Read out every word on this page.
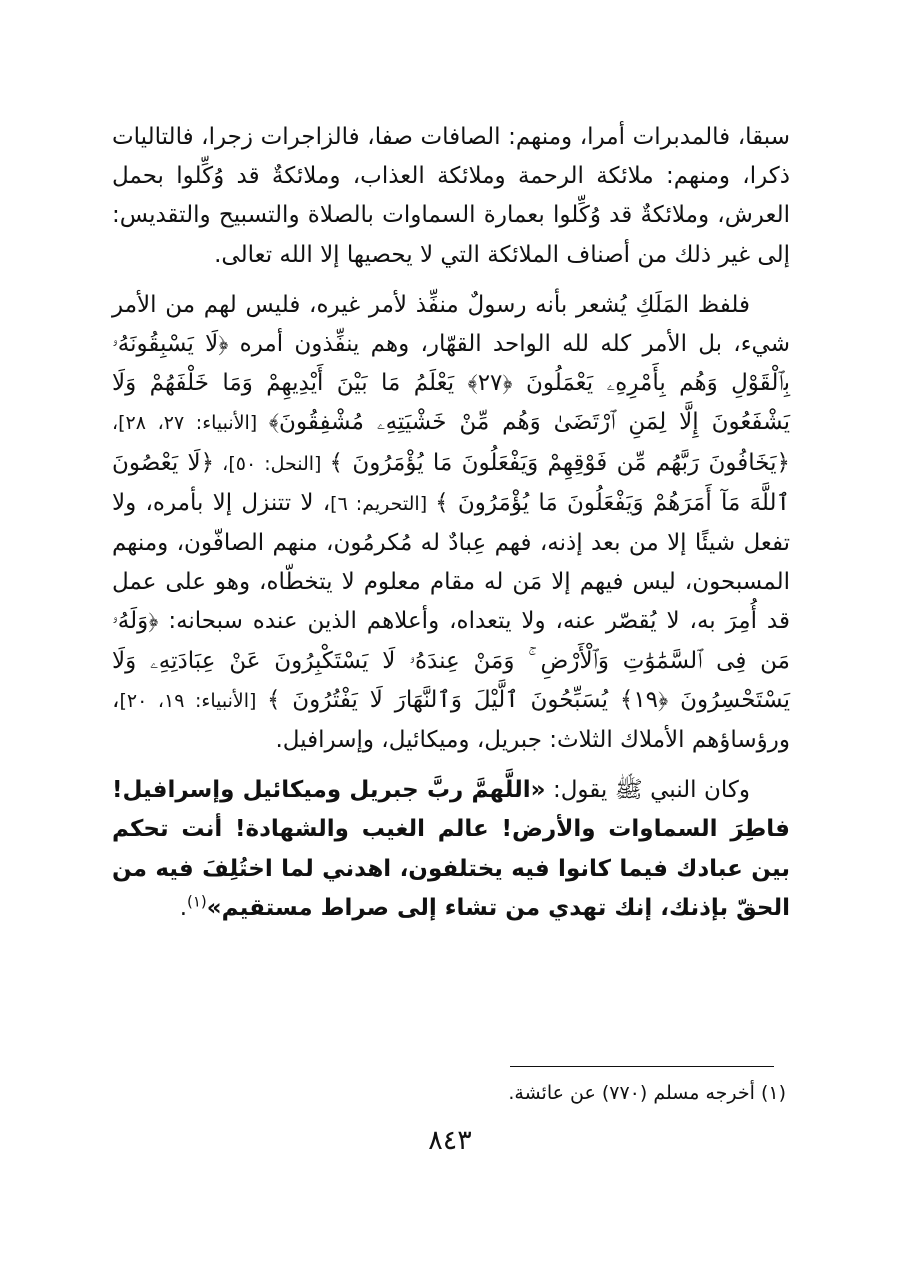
سبقا، فالمدبرات أمرا، ومنهم: الصافات صفا، فالزاجرات زجرا، فالتاليات ذكرا، ومنهم: ملائكة الرحمة وملائكة العذاب، وملائكةٌ قد وُكِّلوا بحمل العرش، وملائكةٌ قد وُكِّلوا بعمارة السماوات بالصلاة والتسبيح والتقديس: إلى غير ذلك من أصناف الملائكة التي لا يحصيها إلا الله تعالى.

فلفظ المَلَكِ يُشعر بأنه رسولٌ منفِّذ لأمر غيره، فليس لهم من الأمر شيء، بل الأمر كله لله الواحد القهّار، وهم ينفِّذون أمره ﴿لَا يَسْبِقُونَهُۥ بِٱلْقَوْلِ وَهُم بِأَمْرِهِۦ يَعْمَلُونَ ﴿٢٧﴾ يَعْلَمُ مَا بَيْنَ أَيْدِيهِمْ وَمَا خَلْفَهُمْ وَلَا يَشْفَعُونَ إِلَّا لِمَنِ ٱرْتَضَىٰ وَهُم مِّنْ خَشْيَتِهِۦ مُشْفِقُونَ﴾ [الأنبياء: ٢٧، ٢٨]، ﴿يَخَافُونَ رَبَّهُم مِّن فَوْقِهِمْ وَيَفْعَلُونَ مَا يُؤْمَرُونَ ﴾ [النحل: ٥٠]، ﴿لَا يَعْصُونَ ٱللَّهَ مَآ أَمَرَهُمْ وَيَفْعَلُونَ مَا يُؤْمَرُونَ ﴾ [التحريم: ٦]، لا تتنزل إلا بأمره، ولا تفعل شيئًا إلا من بعد إذنه، فهم عِبادٌ له مُكرمُون، منهم الصافّون، ومنهم المسبحون، ليس فيهم إلا مَن له مقام معلوم لا يتخطّاه، وهو على عمل قد أُمِرَ به، لا يُقصّر عنه، ولا يتعداه، وأعلاهم الذين عنده سبحانه: ﴿وَلَهُۥ مَن فِى ٱلسَّمَٰوَٰتِ وَٱلْأَرْضِ ۚ وَمَنْ عِندَهُۥ لَا يَسْتَكْبِرُونَ عَنْ عِبَادَتِهِۦ وَلَا يَسْتَحْسِرُونَ ﴿١٩﴾ يُسَبِّحُونَ ٱلَّيْلَ وَٱلنَّهَارَ لَا يَفْتُرُونَ ﴾ [الأنبياء: ١٩، ٢٠]، ورؤساؤهم الأملاك الثلاث: جبريل، وميكائيل، وإسرافيل.

وكان النبي ﷺ يقول: «اللَّهمَّ ربَّ جبريل وميكائيل وإسرافيل! فاطِرَ السماوات والأرض! عالم الغيب والشهادة! أنت تحكم بين عبادك فيما كانوا فيه يختلفون، اهدني لما اختُلِفَ فيه من الحقّ بإذنك، إنك تهدي من تشاء إلى صراط مستقيم»$^{(١)}$.

(١) أخرجه مسلم (٧٧٠) عن عائشة.
٨٤٣
